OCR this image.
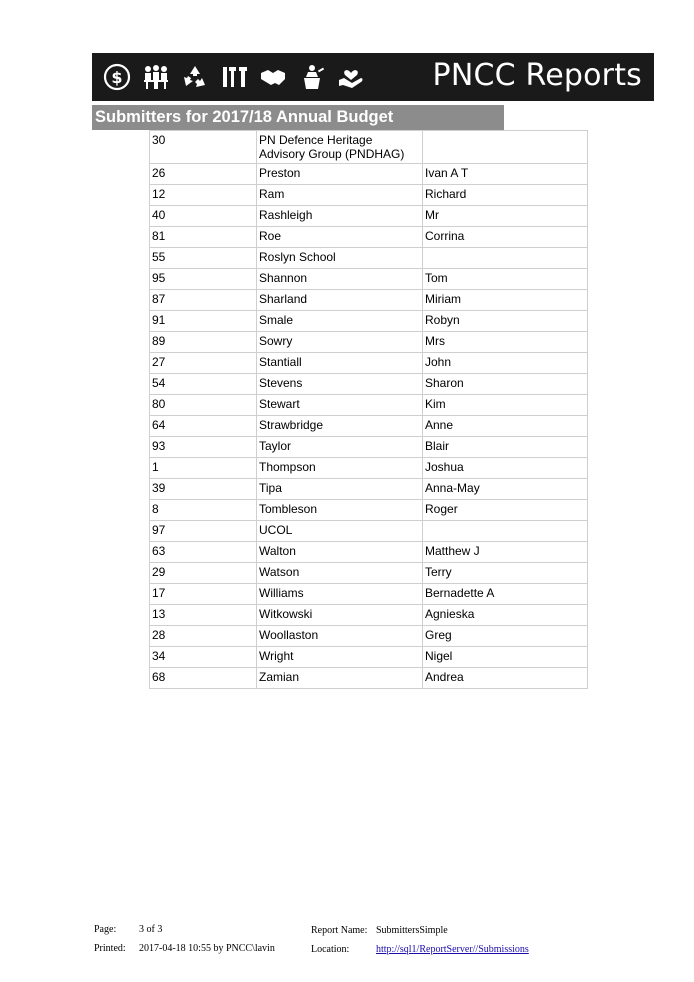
$	PNCC Reports
Submitters for 2017/18 Annual Budget
30	PN Defence Heritage Advisory Group (PNDHAG)	
26	Preston	Ivan A T
12	Ram	Richard
40	Rashleigh	Mr
81	Roe	Corrina
55	Roslyn School	
95	Shannon	Tom
87	Sharland	Miriam
91	Smale	Robyn
89	Sowry	Mrs
27	Stantiall	John
54	Stevens	Sharon
80	Stewart	Kim
64	Strawbridge	Anne
93	Taylor	Blair
1	Thompson	Joshua
39	Tipa	Anna-May
8	Tombleson	Roger
97	UCOL	
63	Walton	Matthew J
29	Watson	Terry
17	Williams	Bernadette A
13	Witkowski	Agnieska
28	Woollaston	Greg
34	Wright	Nigel
68	Zamian	Andrea
Page: 3 of 3
Printed: 2017-04-18 10:55 by PNCC\lavin
Report Name: SubmittersSimple
Location:	http://sql1/ReportServer//Submissions
